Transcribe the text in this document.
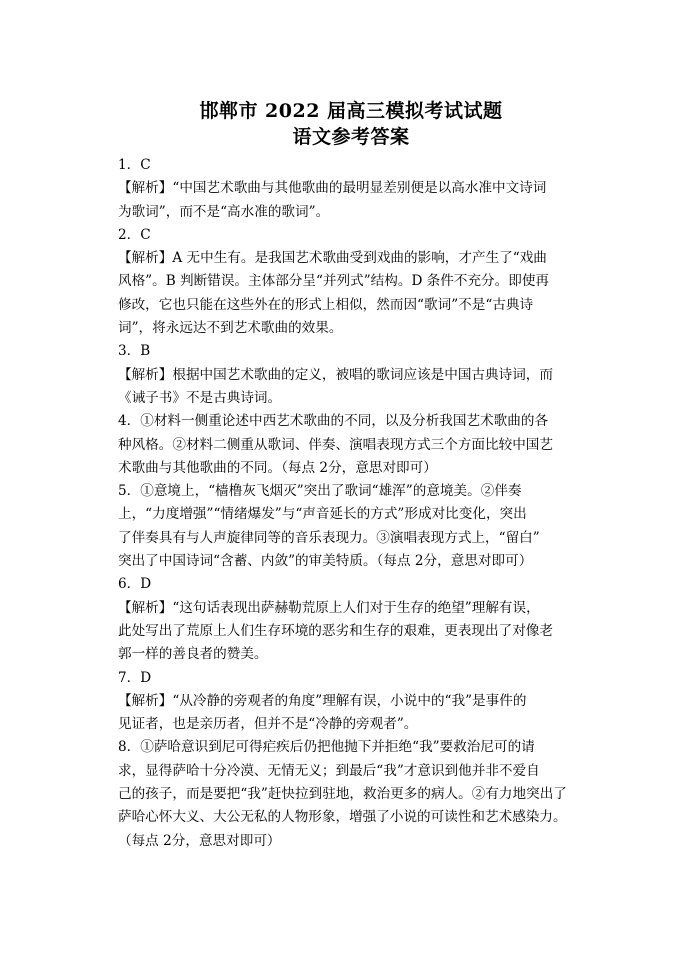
邯郸市 2022 届高三模拟考试试题
语文参考答案

1．C

【解析】“中国艺术歌曲与其他歌曲的最明显差别便是以高水准中文诗词

为歌词”，而不是“高水准的歌词”。

2．C

【解析】A 无中生有。是我国艺术歌曲受到戏曲的影响，才产生了“戏曲

风格”。B 判断错误。主体部分呈“并列式”结构。D 条件不充分。即使再

修改，它也只能在这些外在的形式上相似，然而因“歌词”不是“古典诗

词”，将永远达不到艺术歌曲的效果。

3．B

【解析】根据中国艺术歌曲的定义，被唱的歌词应该是中国古典诗词，而

《诫子书》不是古典诗词。

4．①材料一侧重论述中西艺术歌曲的不同，以及分析我国艺术歌曲的各

种风格。②材料二侧重从歌词、伴奏、演唱表现方式三个方面比较中国艺

术歌曲与其他歌曲的不同。（每点 2分，意思对即可）

5．①意境上，“樯橹灰飞烟灭”突出了歌词“雄浑”的意境美。②伴奏

上，“力度增强”“情绪爆发”与“声音延长的方式”形成对比变化，突出

了伴奏具有与人声旋律同等的音乐表现力。③演唱表现方式上，“留白”

突出了中国诗词“含蓄、内敛”的审美特质。（每点 2分，意思对即可）

6．D

【解析】“这句话表现出萨赫勒荒原上人们对于生存的绝望”理解有误，

此处写出了荒原上人们生存环境的恶劣和生存的艰难，更表现出了对像老

郭一样的善良者的赞美。

7．D

【解析】“从冷静的旁观者的角度”理解有误，小说中的“我”是事件的

见证者，也是亲历者，但并不是“冷静的旁观者”。

8．①萨哈意识到尼可得疟疾后仍把他抛下并拒绝“我”要救治尼可的请

求，显得萨哈十分冷漠、无情无义；到最后“我”才意识到他并非不爱自

己的孩子，而是要把“我”赶快拉到驻地，救治更多的病人。②有力地突出了

萨哈心怀大义、大公无私的人物形象，增强了小说的可读性和艺术感染力。

（每点 2分，意思对即可）
